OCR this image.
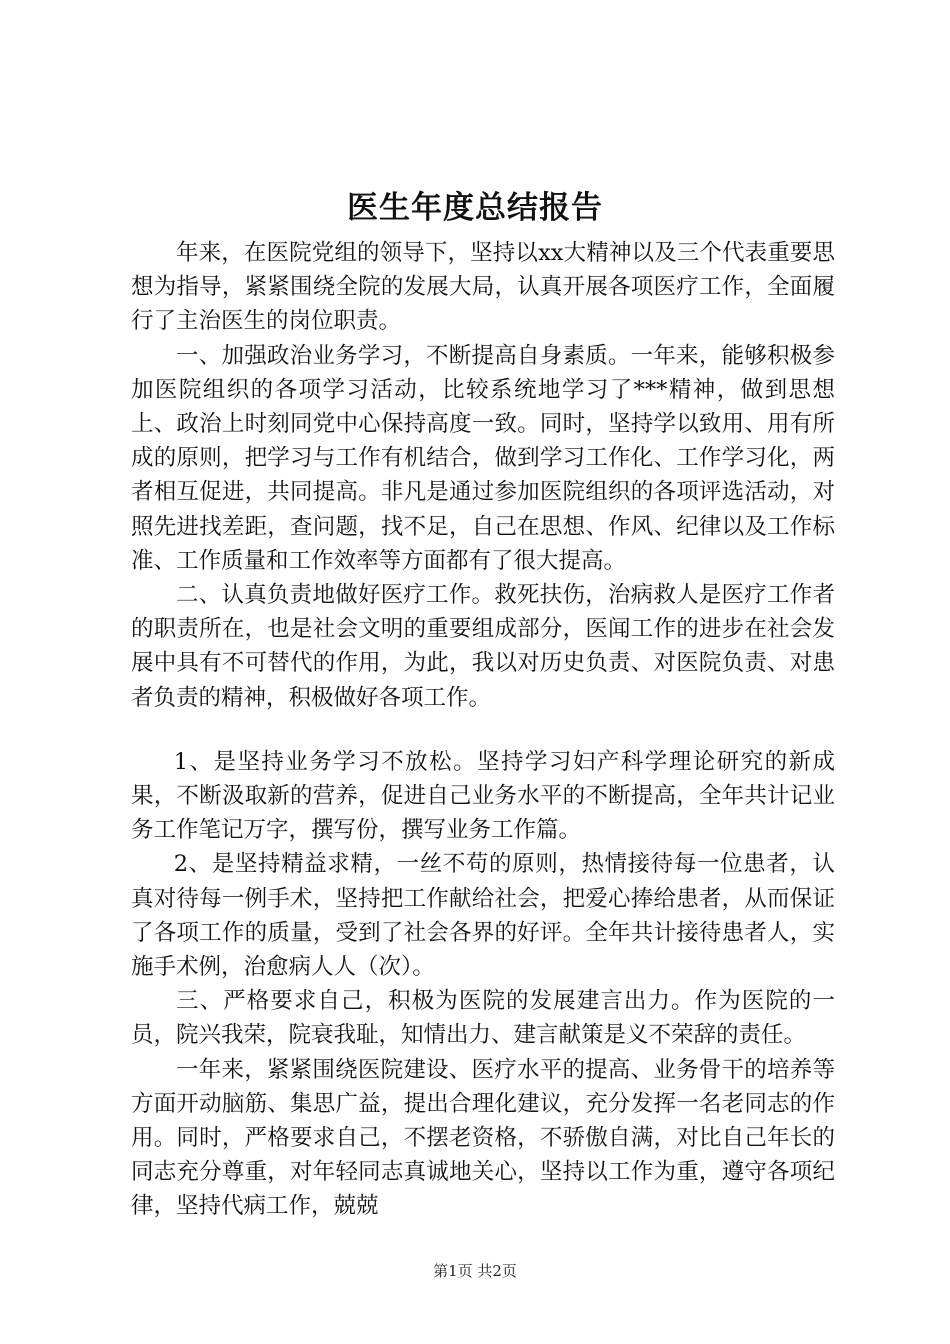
医生年度总结报告

年来，在医院党组的领导下，坚持以xx大精神以及三个代表重要思想为指导，紧紧围绕全院的发展大局，认真开展各项医疗工作，全面履行了主治医生的岗位职责。

一、加强政治业务学习，不断提高自身素质。一年来，能够积极参加医院组织的各项学习活动，比较系统地学习了***精神，做到思想上、政治上时刻同党中心保持高度一致。同时，坚持学以致用、用有所成的原则，把学习与工作有机结合，做到学习工作化、工作学习化，两者相互促进，共同提高。非凡是通过参加医院组织的各项评选活动，对照先进找差距，查问题，找不足，自己在思想、作风、纪律以及工作标准、工作质量和工作效率等方面都有了很大提高。

二、认真负责地做好医疗工作。救死扶伤，治病救人是医疗工作者的职责所在，也是社会文明的重要组成部分，医闻工作的进步在社会发展中具有不可替代的作用，为此，我以对历史负责、对医院负责、对患者负责的精神，积极做好各项工作。

1、是坚持业务学习不放松。坚持学习妇产科学理论研究的新成果，不断汲取新的营养，促进自己业务水平的不断提高，全年共计记业务工作笔记万字，撰写份，撰写业务工作篇。

2、是坚持精益求精，一丝不苟的原则，热情接待每一位患者，认真对待每一例手术，坚持把工作献给社会，把爱心捧给患者，从而保证了各项工作的质量，受到了社会各界的好评。全年共计接待患者人，实施手术例，治愈病人人（次）。

三、严格要求自己，积极为医院的发展建言出力。作为医院的一员，院兴我荣，院衰我耻，知情出力、建言献策是义不荣辞的责任。

一年来，紧紧围绕医院建设、医疗水平的提高、业务骨干的培养等方面开动脑筋、集思广益，提出合理化建议，充分发挥一名老同志的作用。同时，严格要求自己，不摆老资格，不骄傲自满，对比自己年长的同志充分尊重，对年轻同志真诚地关心，坚持以工作为重，遵守各项纪律，坚持代病工作，兢兢

第1页 共2页
